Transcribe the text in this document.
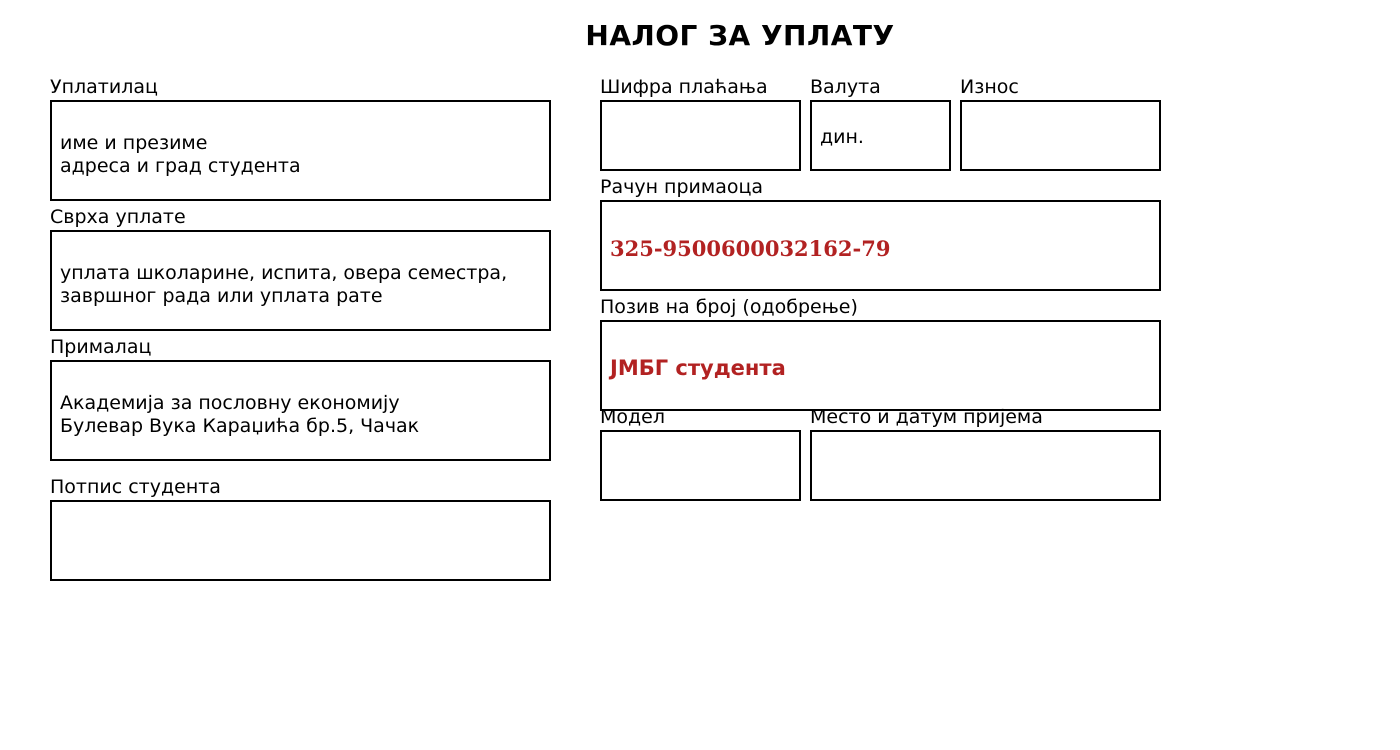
НАЛОГ ЗА УПЛАТУ
Уплатилац
име и презиме
адреса и град студента
Сврха уплате
уплата школарине, испита, овера семестра,
завршног рада или уплата рате
Прималац
Академија за пословну економију
Булевар Вука Караџића бр.5, Чачак
Потпис студента
Шифра плаћања Валута
дин.
Износ
Рачун примаоца
325-9500600032162-79
Позив на број (одобрење)
ЈМБГ студента
Модел	Место и датум пријема
